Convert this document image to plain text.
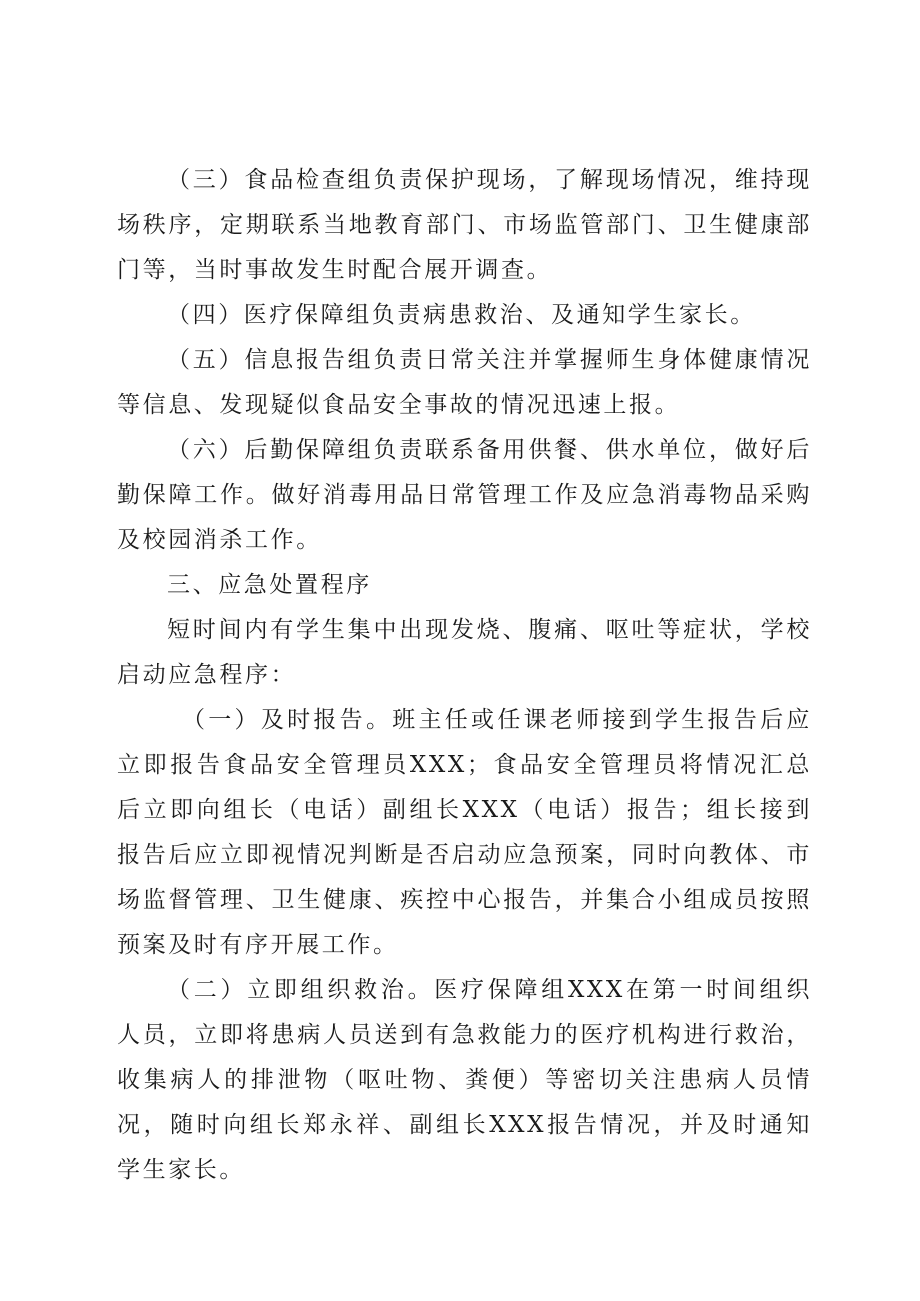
（三）食品检查组负责保护现场，了解现场情况，维持现场秩序，定期联系当地教育部门、市场监管部门、卫生健康部门等，当时事故发生时配合展开调查。

（四）医疗保障组负责病患救治、及通知学生家长。

（五）信息报告组负责日常关注并掌握师生身体健康情况等信息、发现疑似食品安全事故的情况迅速上报。

（六）后勤保障组负责联系备用供餐、供水单位，做好后勤保障工作。做好消毒用品日常管理工作及应急消毒物品采购及校园消杀工作。

三、应急处置程序

短时间内有学生集中出现发烧、腹痛、呕吐等症状，学校启动应急程序：

（一）及时报告。班主任或任课老师接到学生报告后应立即报告食品安全管理员XXX；食品安全管理员将情况汇总后立即向组长（电话）副组长XXX（电话）报告；组长接到报告后应立即视情况判断是否启动应急预案，同时向教体、市场监督管理、卫生健康、疾控中心报告，并集合小组成员按照预案及时有序开展工作。

（二）立即组织救治。医疗保障组XXX在第一时间组织人员，立即将患病人员送到有急救能力的医疗机构进行救治，收集病人的排泄物（呕吐物、粪便）等密切关注患病人员情况，随时向组长郑永祥、副组长XXX报告情况，并及时通知学生家长。
